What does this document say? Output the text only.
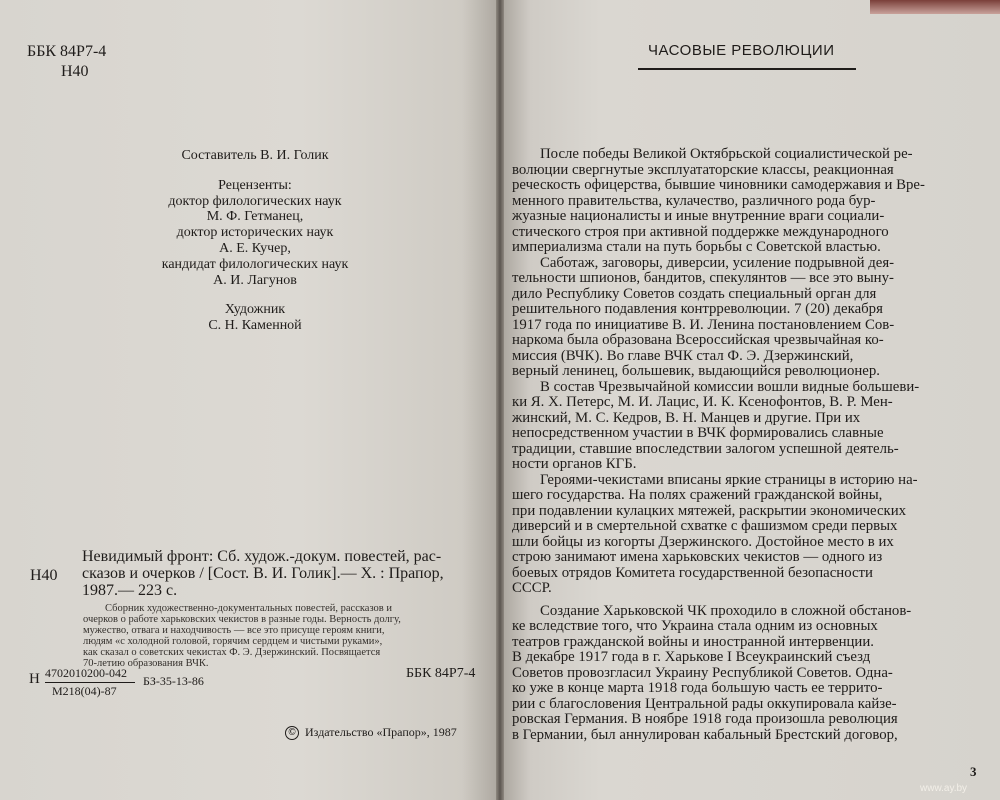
ББК 84Р7-4
Н40
Составитель В. И. Голик
Рецензенты:
доктор филологических наук
М. Ф. Гетманец,
доктор исторических наук
А. Е. Кучер,
кандидат филологических наук
А. И. Лагунов
Художник
С. Н. Каменной
Н40
Невидимый фронт: Сб. худож.-докум. повестей, рас-
сказов и очерков / [Сост. В. И. Голик].— Х. : Прапор,
1987.— 223 с.
Сборник художественно-документальных повестей, рассказов и
очерков о работе харьковских чекистов в разные годы. Верность долгу,
мужество, отвага и находчивость — все это присуще героям книги,
людям «с холодной головой, горячим сердцем и чистыми руками»,
как сказал о советских чекистах Ф. Э. Дзержинский. Посвящается
70-летию образования ВЧК.
Н 4702010200-042
М218(04)-87
БЗ-35-13-86	ББК 84Р7-4
© Издательство «Прапор», 1987
ЧАСОВЫЕ РЕВОЛЮЦИИ
После победы Великой Октябрьской социалистической ре-
волюции свергнутые эксплуататорские классы, реакционная
реческость офицерства, бывшие чиновники самодержавия и Вре-
менного правительства, кулачество, различного рода бур-
жуазные националисты и иные внутренние враги социали-
стического строя при активной поддержке международного
империализма стали на путь борьбы с Советской властью.
Саботаж, заговоры, диверсии, усиление подрывной дея-
тельности шпионов, бандитов, спекулянтов — все это выну-
дило Республику Советов создать специальный орган для
решительного подавления контрреволюции. 7 (20) декабря
1917 года по инициативе В. И. Ленина постановлением Сов-
наркома была образована Всероссийская чрезвычайная ко-
миссия (ВЧК). Во главе ВЧК стал Ф. Э. Дзержинский,
верный ленинец, большевик, выдающийся революционер.
В состав Чрезвычайной комиссии вошли видные большеви-
ки Я. Х. Петерс, М. И. Лацис, И. К. Ксенофонтов, В. Р. Мен-
жинский, М. С. Кедров, В. Н. Манцев и другие. При их
непосредственном участии в ВЧК формировались славные
традиции, ставшие впоследствии залогом успешной деятель-
ности органов КГБ.
Героями-чекистами вписаны яркие страницы в историю на-
шего государства. На полях сражений гражданской войны,
при подавлении кулацких мятежей, раскрытии экономических
диверсий и в смертельной схватке с фашизмом среди первых
шли бойцы из когорты Дзержинского. Достойное место в их
строю занимают имена харьковских чекистов — одного из
боевых отрядов Комитета государственной безопасности
СССР.
Создание Харьковской ЧК проходило в сложной обстанов-
ке вследствие того, что Украина стала одним из основных
театров гражданской войны и иностранной интервенции.
В декабре 1917 года в г. Харькове I Всеукраинский съезд
Советов провозгласил Украину Республикой Советов. Одна-
ко уже в конце марта 1918 года большую часть ее террито-
рии с благословения Центральной рады оккупировала кайзе-
ровская Германия. В ноябре 1918 года произошла революция
в Германии, был аннулирован кабальный Брестский договор,
3
www.ay.by
